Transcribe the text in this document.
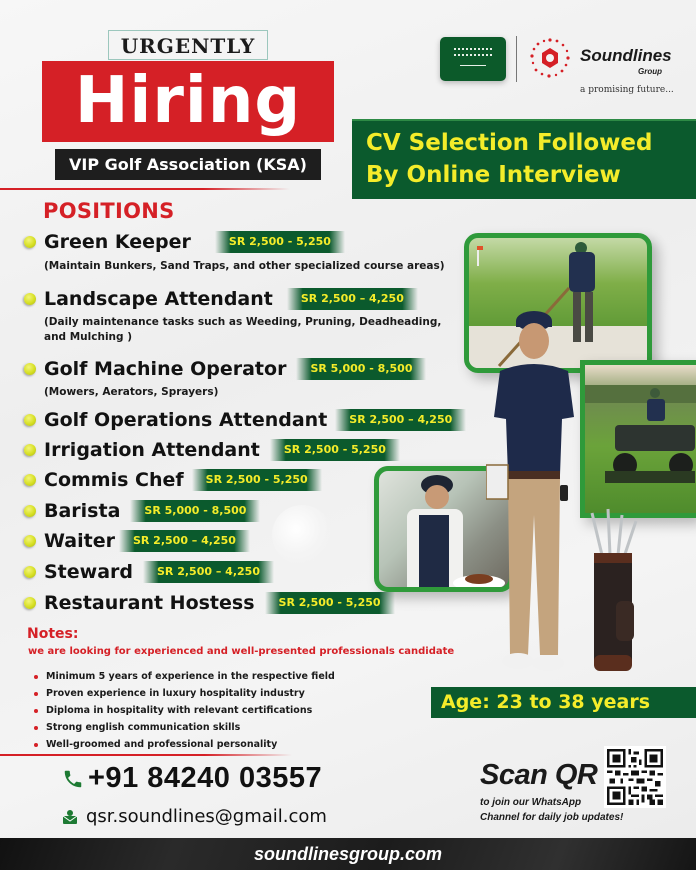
URGENTLY
Hiring
VIP Golf Association (KSA)
Soundlines
Group
a promising future...
CV Selection Followed
By Online Interview
POSITIONS
Green Keeper	SR 2,500 - 5,250
(Maintain Bunkers, Sand Traps, and other specialized course areas)
Landscape Attendant	SR 2,500 – 4,250
(Daily maintenance tasks such as Weeding, Pruning, Deadheading, and Mulching )
Golf Machine Operator	SR 5,000 - 8,500
(Mowers, Aerators, Sprayers)
Golf Operations Attendant	SR 2,500 – 4,250
Irrigation Attendant	SR 2,500 - 5,250
Commis Chef	SR 2,500 - 5,250
Barista	SR 5,000 - 8,500
Waiter	SR 2,500 – 4,250
Steward	SR 2,500 – 4,250
Restaurant Hostess	SR 2,500 - 5,250
Notes:
we are looking for experienced and well-presented professionals candidate
Minimum 5 years of experience in the respective field
Proven experience in luxury hospitality industry
Diploma in hospitality with relevant certifications
Strong english communication skills
Well-groomed and professional personality
Age: 23 to 38 years
+91 84240 03557
qsr.soundlines@gmail.com
Scan QR
to join our WhatsApp
Channel for daily job updates!
soundlinesgroup.com
